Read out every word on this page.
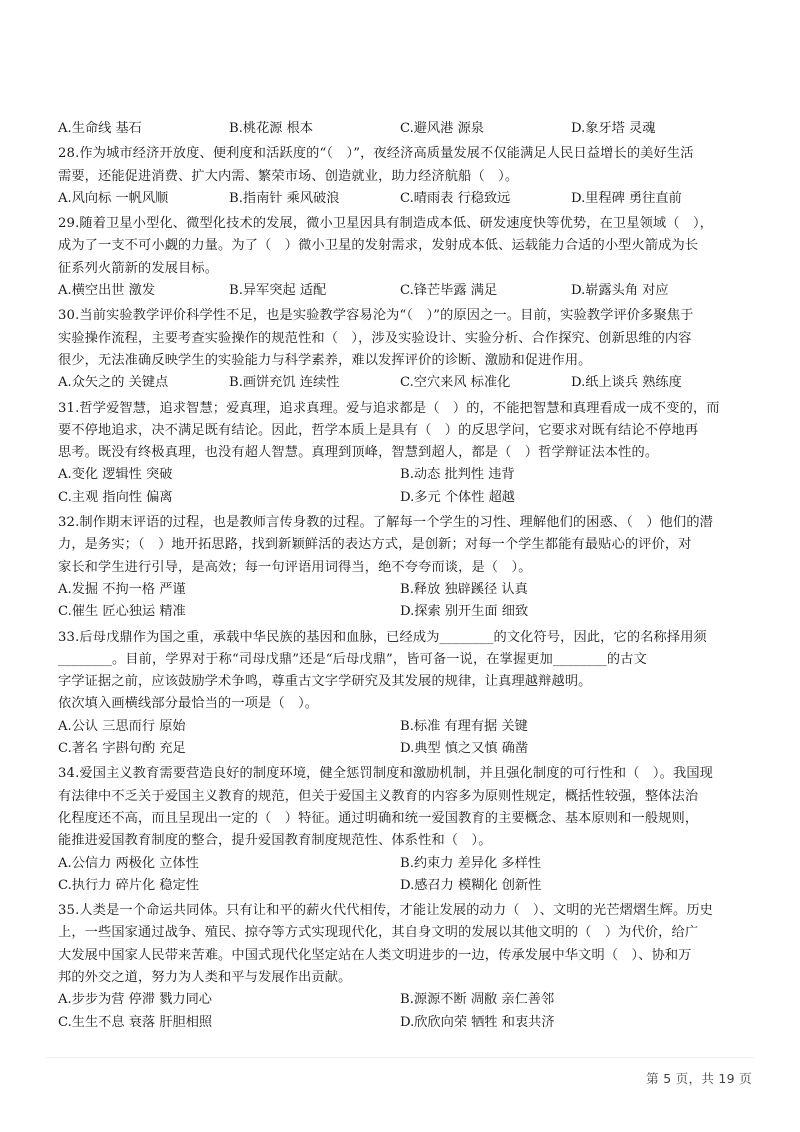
A.生命线 基石	B.桃花源 根本	C.避风港 源泉	D.象牙塔 灵魂

28.作为城市经济开放度、便利度和活跃度的“（　）”，夜经济高质量发展不仅能满足人民日益增长的美好生活
需要，还能促进消费、扩大内需、繁荣市场、创造就业，助力经济航船（　）。

A.风向标 一帆风顺	B.指南针 乘风破浪	C.晴雨表 行稳致远	D.里程碑 勇往直前

29.随着卫星小型化、微型化技术的发展，微小卫星因具有制造成本低、研发速度快等优势，在卫星领域（　），
成为了一支不可小觑的力量。为了（　）微小卫星的发射需求，发射成本低、运载能力合适的小型火箭成为长
征系列火箭新的发展目标。

A.横空出世 激发	B.异军突起 适配	C.锋芒毕露 满足	D.崭露头角 对应

30.当前实验教学评价科学性不足，也是实验教学容易沦为“（　）”的原因之一。目前，实验教学评价多聚焦于
实验操作流程，主要考查实验操作的规范性和（　），涉及实验设计、实验分析、合作探究、创新思维的内容
很少，无法准确反映学生的实验能力与科学素养，难以发挥评价的诊断、激励和促进作用。

A.众矢之的 关键点	B.画饼充饥 连续性	C.空穴来风 标准化	D.纸上谈兵 熟练度

31.哲学爱智慧，追求智慧；爱真理，追求真理。爱与追求都是（　）的，不能把智慧和真理看成一成不变的，而
要不停地追求，决不满足既有结论。因此，哲学本质上是具有（　）的反思学问，它要求对既有结论不停地再
思考。既没有终极真理，也没有超人智慧。真理到顶峰，智慧到超人，都是（　）哲学辩证法本性的。

A.变化 逻辑性 突破	B.动态 批判性 违背
C.主观 指向性 偏离	D.多元 个体性 超越

32.制作期末评语的过程，也是教师言传身教的过程。了解每一个学生的习性、理解他们的困惑、（　）他们的潜
力，是务实；（　）地开拓思路，找到新颖鲜活的表达方式，是创新；对每一个学生都能有最贴心的评价，对
家长和学生进行引导，是高效；每一句评语用词得当，绝不夸夸而谈，是（　）。

A.发掘 不拘一格 严谨	B.释放 独辟蹊径 认真
C.催生 匠心独运 精准	D.探索 别开生面 细致

33.后母戊鼎作为国之重，承载中华民族的基因和血脉，已经成为________的文化符号，因此，它的名称择用须
________。目前，学界对于称“司母戊鼎”还是“后母戊鼎”，皆可备一说，在掌握更加________的古文
字学证据之前，应该鼓励学术争鸣，尊重古文字学研究及其发展的规律，让真理越辩越明。
依次填入画横线部分最恰当的一项是（　）。

A.公认 三思而行 原始	B.标准 有理有据 关键
C.著名 字斟句酌 充足	D.典型 慎之又慎 确凿

34.爱国主义教育需要营造良好的制度环境，健全惩罚制度和激励机制，并且强化制度的可行性和（　）。我国现
有法律中不乏关于爱国主义教育的规范，但关于爱国主义教育的内容多为原则性规定，概括性较强，整体法治
化程度还不高，而且呈现出一定的（　）特征。通过明确和统一爱国教育的主要概念、基本原则和一般规则，
能推进爱国教育制度的整合，提升爱国教育制度规范性、体系性和（　）。

A.公信力 两极化 立体性	B.约束力 差异化 多样性
C.执行力 碎片化 稳定性	D.感召力 模糊化 创新性

35.人类是一个命运共同体。只有让和平的薪火代代相传，才能让发展的动力（　）、文明的光芒熠熠生辉。历史
上，一些国家通过战争、殖民、掠夺等方式实现现代化，其自身文明的发展以其他文明的（　）为代价，给广
大发展中国家人民带来苦难。中国式现代化坚定站在人类文明进步的一边，传承发展中华文明（　）、协和万
邦的外交之道，努力为人类和平与发展作出贡献。

A.步步为营 停滞 戮力同心	B.源源不断 凋敝 亲仁善邻
C.生生不息 衰落 肝胆相照	D.欣欣向荣 牺牲 和衷共济
第 5 页，共 19 页
